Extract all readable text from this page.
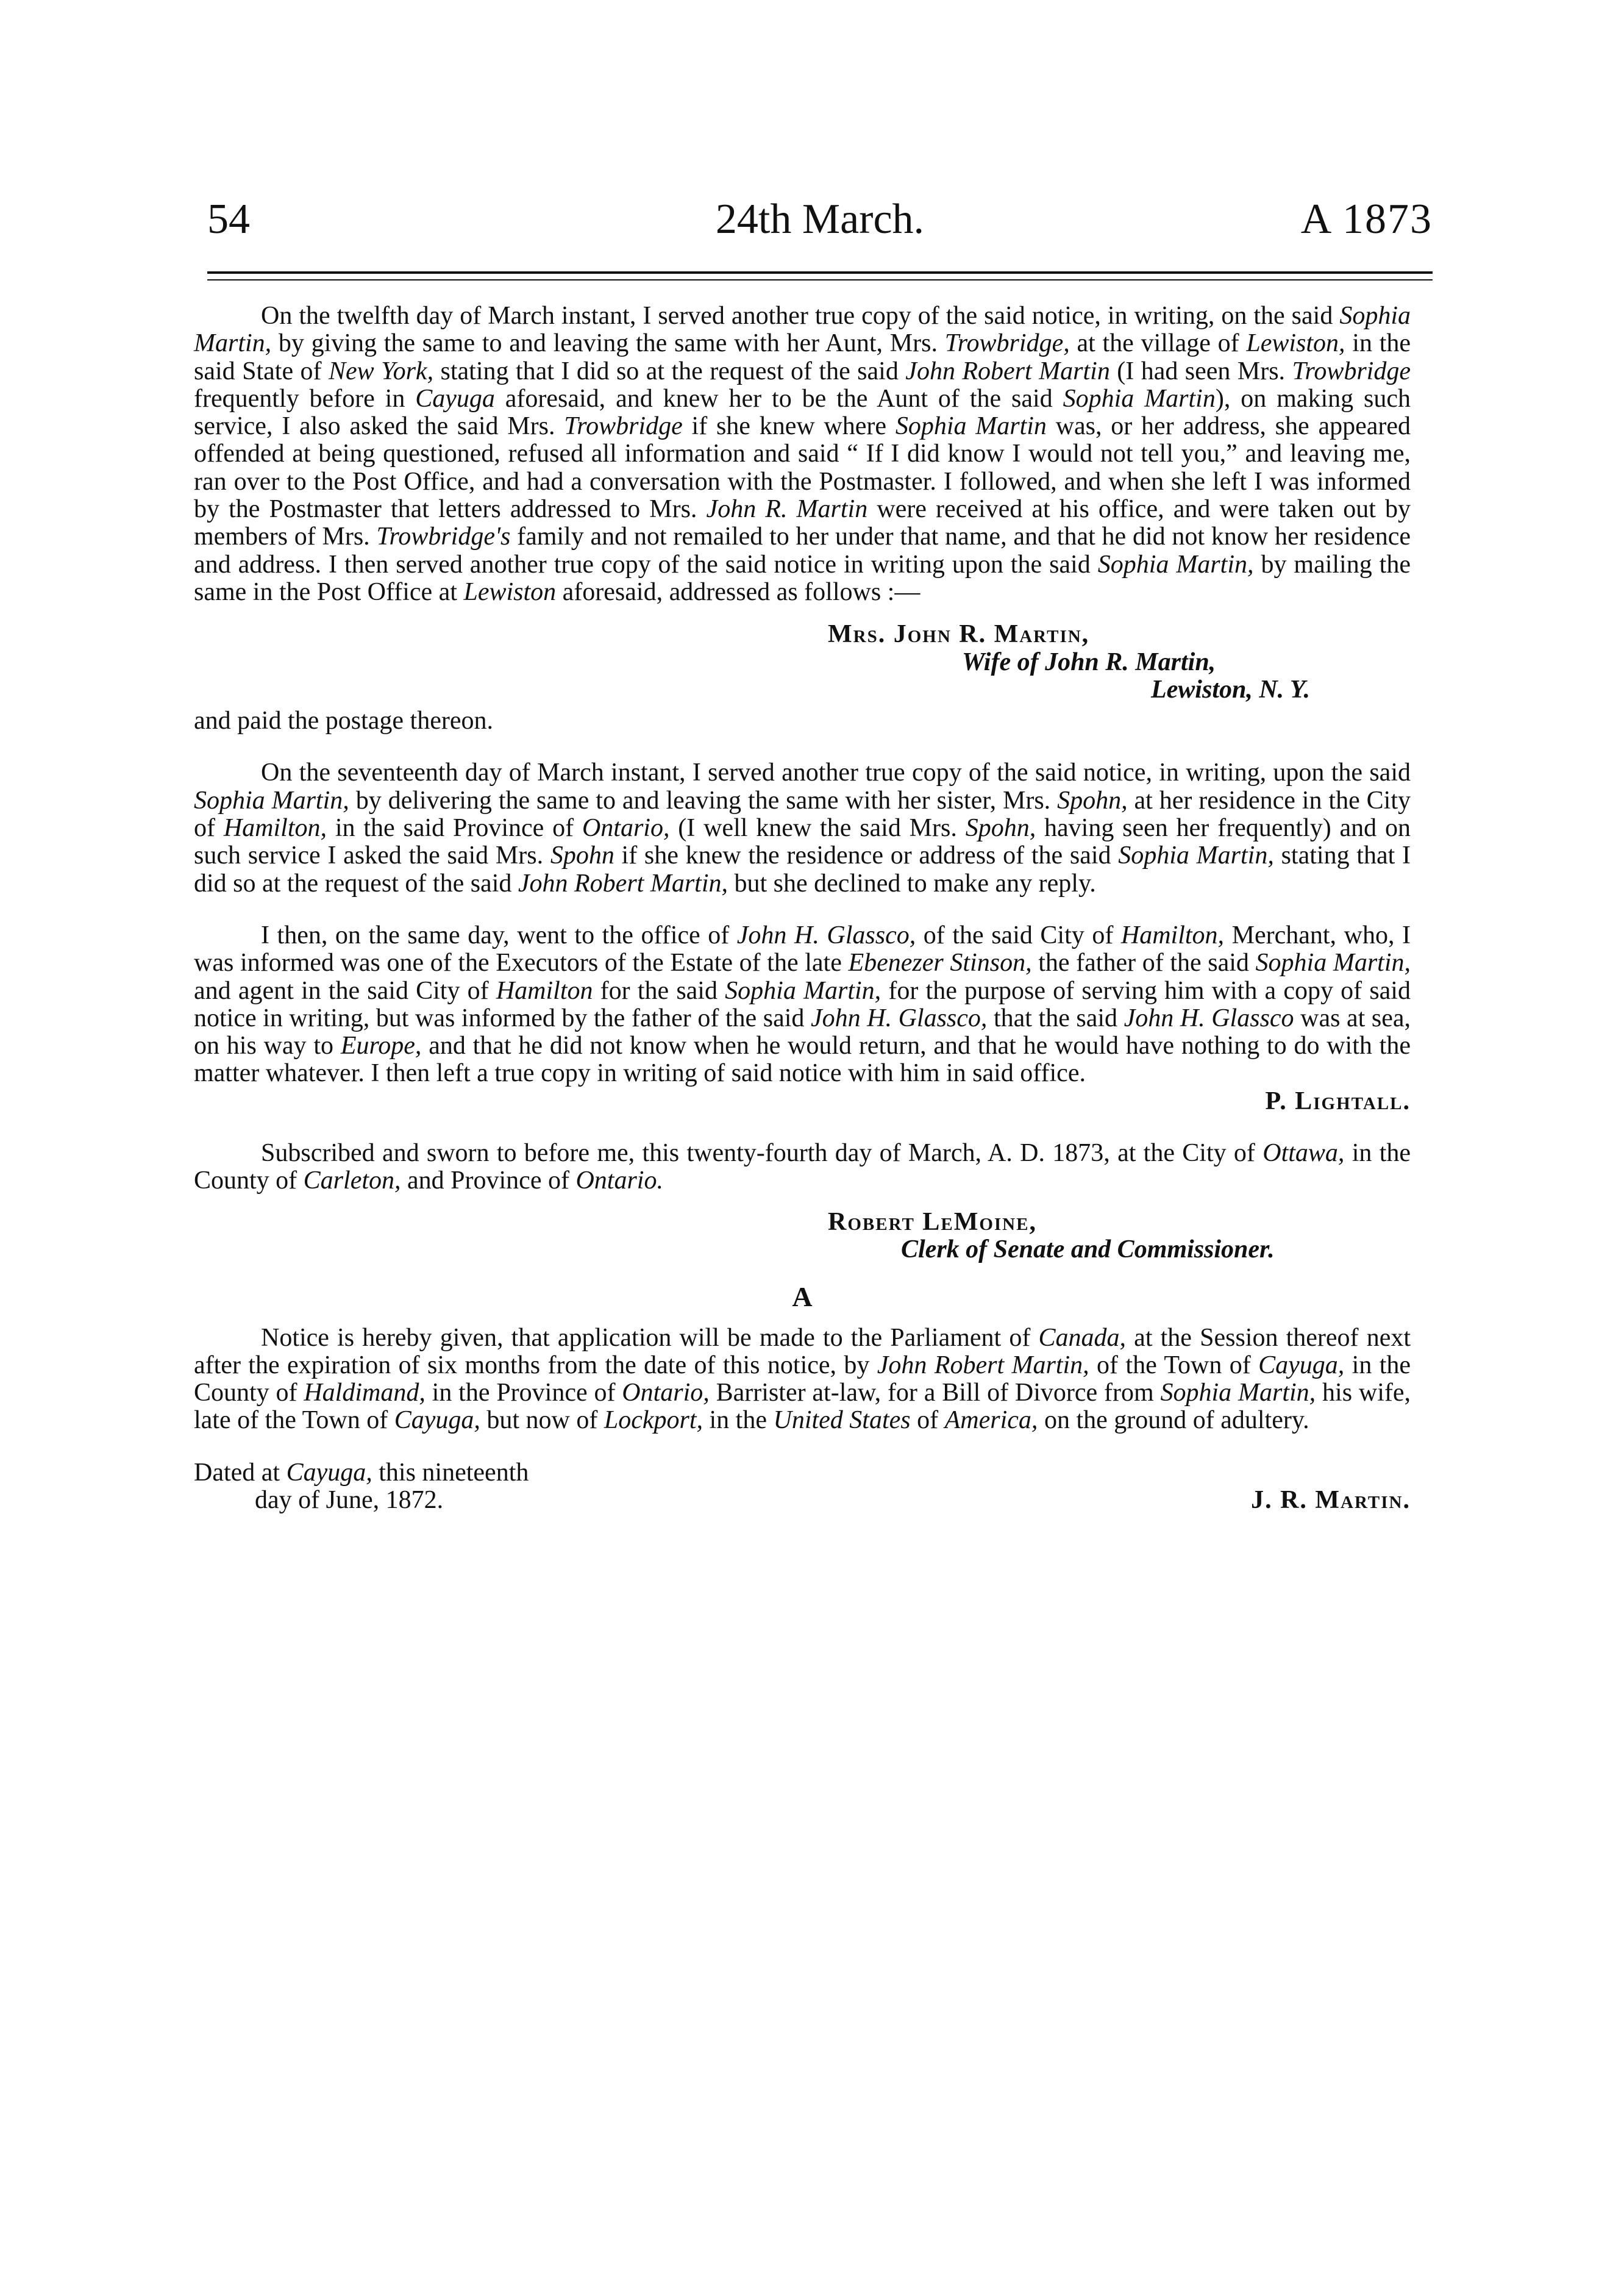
54	24th March.	A 1873

On the twelfth day of March instant, I served another true copy of the said notice, in writing, on the said Sophia Martin, by giving the same to and leaving the same with her Aunt, Mrs. Trowbridge, at the village of Lewiston, in the said State of New York, stating that I did so at the request of the said John Robert Martin (I had seen Mrs. Trowbridge frequently before in Cayuga aforesaid, and knew her to be the Aunt of the said Sophia Martin), on making such service, I also asked the said Mrs. Trowbridge if she knew where Sophia Martin was, or her address, she appeared offended at being questioned, refused all information and said “ If I did know I would not tell you,” and leaving me, ran over to the Post Office, and had a conversation with the Postmaster. I followed, and when she left I was informed by the Postmaster that letters addressed to Mrs. John R. Martin were received at his office, and were taken out by members of Mrs. Trowbridge's family and not remailed to her under that name, and that he did not know her residence and address. I then served another true copy of the said notice in writing upon the said Sophia Martin, by mailing the same in the Post Office at Lewiston aforesaid, addressed as follows :—

Mrs. John R. Martin,
Wife of John R. Martin,
Lewiston, N. Y.

and paid the postage thereon.

On the seventeenth day of March instant, I served another true copy of the said notice, in writing, upon the said Sophia Martin, by delivering the same to and leaving the same with her sister, Mrs. Spohn, at her residence in the City of Hamilton, in the said Province of Ontario, (I well knew the said Mrs. Spohn, having seen her frequently) and on such service I asked the said Mrs. Spohn if she knew the residence or address of the said Sophia Martin, stating that I did so at the request of the said John Robert Martin, but she declined to make any reply.

I then, on the same day, went to the office of John H. Glassco, of the said City of Hamilton, Merchant, who, I was informed was one of the Executors of the Estate of the late Ebenezer Stinson, the father of the said Sophia Martin, and agent in the said City of Hamilton for the said Sophia Martin, for the purpose of serving him with a copy of said notice in writing, but was informed by the father of the said John H. Glassco, that the said John H. Glassco was at sea, on his way to Europe, and that he did not know when he would return, and that he would have nothing to do with the matter whatever. I then left a true copy in writing of said notice with him in said office.

P. Lightall.

Subscribed and sworn to before me, this twenty-fourth day of March, A. D. 1873, at the City of Ottawa, in the County of Carleton, and Province of Ontario.

Robert LeMoine,
Clerk of Senate and Commissioner.
A

Notice is hereby given, that application will be made to the Parliament of Canada, at the Session thereof next after the expiration of six months from the date of this notice, by John Robert Martin, of the Town of Cayuga, in the County of Haldimand, in the Province of Ontario, Barrister at-law, for a Bill of Divorce from Sophia Martin, his wife, late of the Town of Cayuga, but now of Lockport, in the United States of America, on the ground of adultery.

Dated at Cayuga, this nineteenth
day of June, 1872.	J. R. Martin.
